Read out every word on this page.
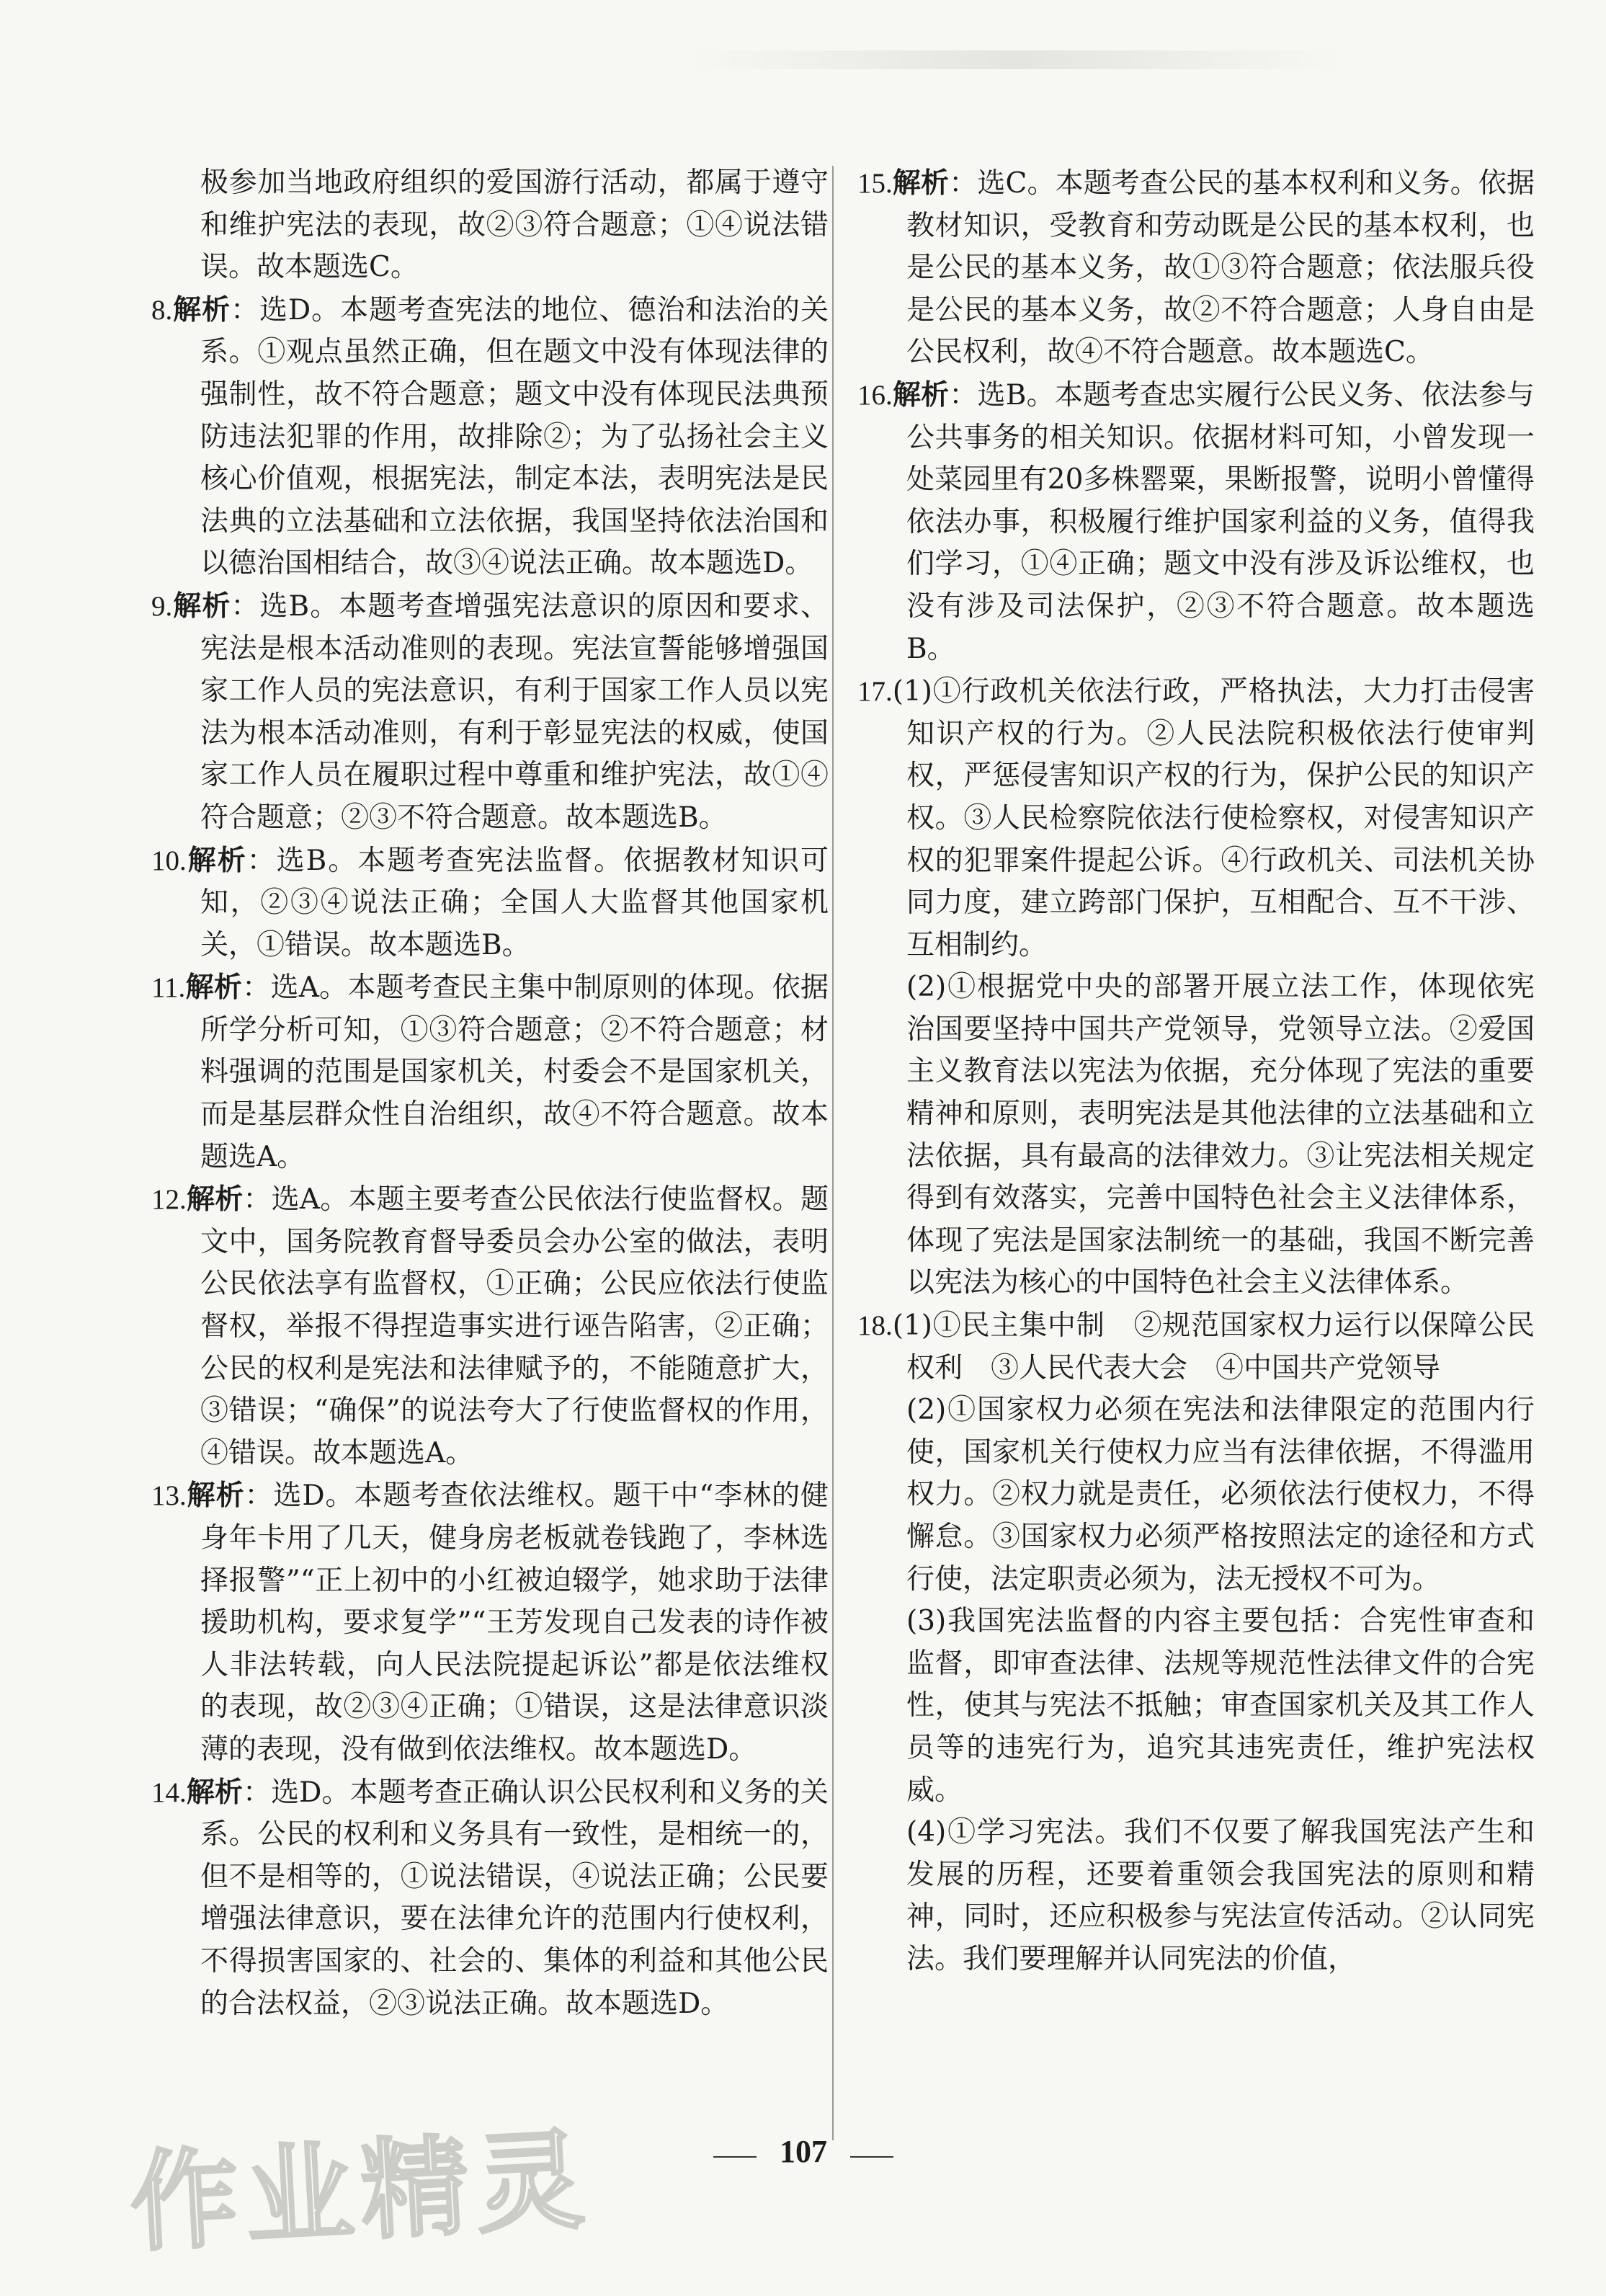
极参加当地政府组织的爱国游行活动，都属于遵守和维护宪法的表现，故②③符合题意；①④说法错误。故本题选C。

8.解析：选D。本题考查宪法的地位、德治和法治的关系。①观点虽然正确，但在题文中没有体现法律的强制性，故不符合题意；题文中没有体现民法典预防违法犯罪的作用，故排除②；为了弘扬社会主义核心价值观，根据宪法，制定本法，表明宪法是民法典的立法基础和立法依据，我国坚持依法治国和以德治国相结合，故③④说法正确。故本题选D。

9.解析：选B。本题考查增强宪法意识的原因和要求、宪法是根本活动准则的表现。宪法宣誓能够增强国家工作人员的宪法意识，有利于国家工作人员以宪法为根本活动准则，有利于彰显宪法的权威，使国家工作人员在履职过程中尊重和维护宪法，故①④符合题意；②③不符合题意。故本题选B。

10.解析：选B。本题考查宪法监督。依据教材知识可知，②③④说法正确；全国人大监督其他国家机关，①错误。故本题选B。

11.解析：选A。本题考查民主集中制原则的体现。依据所学分析可知，①③符合题意；②不符合题意；材料强调的范围是国家机关，村委会不是国家机关，而是基层群众性自治组织，故④不符合题意。故本题选A。

12.解析：选A。本题主要考查公民依法行使监督权。题文中，国务院教育督导委员会办公室的做法，表明公民依法享有监督权，①正确；公民应依法行使监督权，举报不得捏造事实进行诬告陷害，②正确；公民的权利是宪法和法律赋予的，不能随意扩大，③错误；“确保”的说法夸大了行使监督权的作用，④错误。故本题选A。

13.解析：选D。本题考查依法维权。题干中“李林的健身年卡用了几天，健身房老板就卷钱跑了，李林选择报警”“正上初中的小红被迫辍学，她求助于法律援助机构，要求复学”“王芳发现自己发表的诗作被人非法转载，向人民法院提起诉讼”都是依法维权的表现，故②③④正确；①错误，这是法律意识淡薄的表现，没有做到依法维权。故本题选D。

14.解析：选D。本题考查正确认识公民权利和义务的关系。公民的权利和义务具有一致性，是相统一的，但不是相等的，①说法错误，④说法正确；公民要增强法律意识，要在法律允许的范围内行使权利，不得损害国家的、社会的、集体的利益和其他公民的合法权益，②③说法正确。故本题选D。

15.解析：选C。本题考查公民的基本权利和义务。依据教材知识，受教育和劳动既是公民的基本权利，也是公民的基本义务，故①③符合题意；依法服兵役是公民的基本义务，故②不符合题意；人身自由是公民权利，故④不符合题意。故本题选C。

16.解析：选B。本题考查忠实履行公民义务、依法参与公共事务的相关知识。依据材料可知，小曾发现一处菜园里有20多株罂粟，果断报警，说明小曾懂得依法办事，积极履行维护国家利益的义务，值得我们学习，①④正确；题文中没有涉及诉讼维权，也没有涉及司法保护，②③不符合题意。故本题选B。

17.(1)①行政机关依法行政，严格执法，大力打击侵害知识产权的行为。②人民法院积极依法行使审判权，严惩侵害知识产权的行为，保护公民的知识产权。③人民检察院依法行使检察权，对侵害知识产权的犯罪案件提起公诉。④行政机关、司法机关协同力度，建立跨部门保护，互相配合、互不干涉、互相制约。

(2)①根据党中央的部署开展立法工作，体现依宪治国要坚持中国共产党领导，党领导立法。②爱国主义教育法以宪法为依据，充分体现了宪法的重要精神和原则，表明宪法是其他法律的立法基础和立法依据，具有最高的法律效力。③让宪法相关规定得到有效落实，完善中国特色社会主义法律体系，体现了宪法是国家法制统一的基础，我国不断完善以宪法为核心的中国特色社会主义法律体系。

18.(1)①民主集中制　②规范国家权力运行以保障公民权利　③人民代表大会　④中国共产党领导

(2)①国家权力必须在宪法和法律限定的范围内行使，国家机关行使权力应当有法律依据，不得滥用权力。②权力就是责任，必须依法行使权力，不得懈怠。③国家权力必须严格按照法定的途径和方式行使，法定职责必须为，法无授权不可为。

(3)我国宪法监督的内容主要包括：合宪性审查和监督，即审查法律、法规等规范性法律文件的合宪性，使其与宪法不抵触；审查国家机关及其工作人员等的违宪行为，追究其违宪责任，维护宪法权威。

(4)①学习宪法。我们不仅要了解我国宪法产生和发展的历程，还要着重领会我国宪法的原则和精神，同时，还应积极参与宪法宣传活动。②认同宪法。我们要理解并认同宪法的价值，

107
作业精灵
